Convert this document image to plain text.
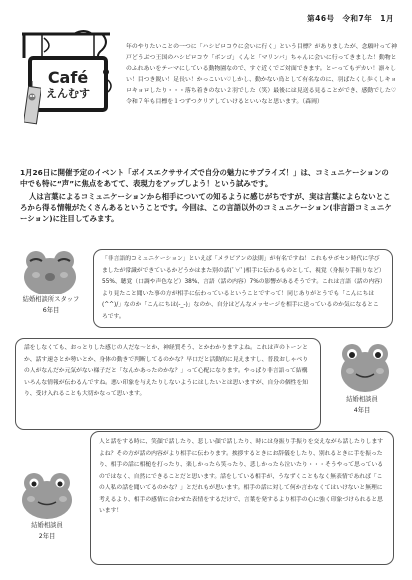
第46号　令和7年　1月
Café
えんむす

年のやりたいことの一つに「ハシビロコウに会いに行く」という目標？がありましたが、念願叶って神戸どうぶつ王国のハシビロコウ「ボンゴ」くんと「マリンバ」ちゃんに会いに行ってきました！動物とのふれあいをテーマにしている動物園なので、すぐ近くでご対面できます。とーってもデカい！凛々しい！目つき鋭い！足長い！かっこいい♡しかし、動かない鳥として有名なのに、羽ばたくし歩くしキョロキョロしたり・・・落ち着きのない２羽でした（笑）最後には見送る見ることができ、感動でした♡令和７年も目標を１つずつクリアしていけるといいなと思います。（森岡）

1月26日に開催予定のイベント「ボイスエクササイズで自分の魅力にサプライズ！」は、コミュニケーションの中でも特に“声”に焦点をあてて、表現力をアップしよう！という試みです。

人は言葉によるコミュニケーションから相手についての知るように感じがちですが、実は言葉によらないところから得る情報がたくさんあるということです。今回は、この言語以外のコミュニケーション(非言語コミュニケーション)に注目してみます。

「非言語的コミュニケーション」といえば「メラビアンの法則」が有名ですね！これもサボセン時代に学びましたが常識ができているかどうかはまた別の話(ﾟ∀ﾟ)相手に伝わるものとして、視覚（身振り手振りなど）55%、聴覚（口調や声色など）38%、言語（話の内容）7%の影響があるそうです。これは言語（話の内容）より見たこと聞いた事の方が相手に伝わっているということですって！同じありがとうでも「こんにちは(^^)/」なのか「こんにちは(-_-)」なのか、自分はどんなメッセージを相手に送っているのか気になるところです。
結婚相談所スタッフ
6年目
話をしなくても、おっとりした感じの人だな～とか、神経質そう、とかわかりますよね。これは声のトーンとか、話す速さとか勢いとか、身体の動きで判断してるのかな？早口だと活動的に見えますし、普段おしゃべりの人がなんだか元気がない様子だと「なんかあったのかな？」って心配になります。やっぱり非言語って結構いろんな情報が伝わるんですね。悪い印象を与えたりしないようにはしたいとは思いますが、自分の個性を知り、受け入れることも大切かなって思います。
結婚相談員
4年目
人と話をする時に、笑顔で話したり、悲しい顔で話したり、時には身振り手振りを交えながら話したりしますよね？その方が話の内容がより相手に伝わります。挨拶するときにお辞儀をしたり、別れるときに手を振ったり、相手の話に相槌を打ったり、楽しかったら笑ったり、悲しかったら泣いたり・・・そうやって思っているのではなく、自然にできることだと思います。話をしている相手が、うなずくこともなく無表情であれば「この人私の話を聞いてるのかな？」とだれもが思います。相手の話に対して何か言わなくてはいけないと無理に考えるより、相手の感情に合わせた表情をするだけで、言葉を発するより相手の心に強く印象づけられると思います！
結婚相談員
2年目
